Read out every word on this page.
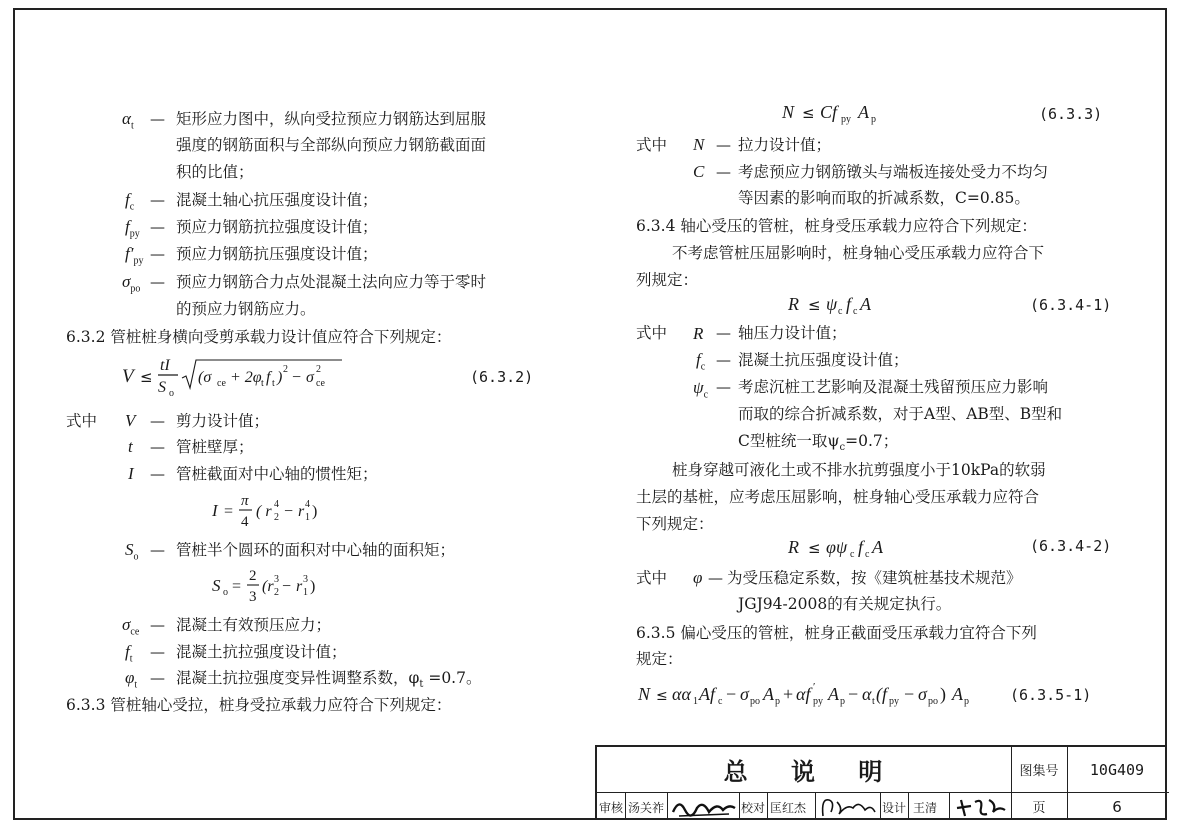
$\alpha_t$ — 矩形应力图中，纵向受拉预应力钢筋达到屈服
强度的钢筋面积与全部纵向预应力钢筋截面面
积的比值；
$f_c$ — 混凝土轴心抗压强度设计值；
$f_{py}$ — 预应力钢筋抗拉强度设计值；
$f'_{py}$ — 预应力钢筋抗压强度设计值；
$\sigma_{po}$ — 预应力钢筋合力点处混凝土法向应力等于零时
的预应力钢筋应力。
6.3.2 管桩桩身横向受剪承载力设计值应符合下列规定：
V ≤
tI
S o
(σ ce + 2φ t f t ) 2 − σ 2
ce	(6.3.2)
式中 V — 剪力设计值；
t — 管桩壁厚；
I — 管桩截面对中心轴的惯性矩；
I =
π
4
( r 2
4 − r 1
4 )
$S_o$ — 管桩半个圆环的面积对中心轴的面积矩；
S o =
2
3
(r 2
3 − r 1
3 )
$\sigma_{ce}$ — 混凝土有效预压应力；
$f_t$ — 混凝土抗拉强度设计值；
$\varphi_t$ — 混凝土抗拉强度变异性调整系数，$\varphi_t =0.7$。
6.3.3 管桩轴心受拉，桩身受拉承载力应符合下列规定：
N ≤ Cf py A p	(6.3.3)
式中 N — 拉力设计值；
C — 考虑预应力钢筋镦头与端板连接处受力不均匀
等因素的影响而取的折减系数，C=0.85。
6.3.4 轴心受压的管桩，桩身受压承载力应符合下列规定：
不考虑管桩压屈影响时，桩身轴心受压承载力应符合下
列规定：
R ≤ ψ c f c A	(6.3.4-1)
式中 R — 轴压力设计值；
$f_c$ — 混凝土抗压强度设计值；
$\psi_c$ — 考虑沉桩工艺影响及混凝土残留预压应力影响
而取的综合折减系数，对于A型、AB型、B型和
C型桩统一取$\psi_c=0.7$；
桩身穿越可液化土或不排水抗剪强度小于10kPa的软弱
土层的基桩，应考虑压屈影响，桩身轴心受压承载力应符合
下列规定：
R ≤ φψ c f c A	(6.3.4-2)
式中 φ — 为受压稳定系数，按《建筑桩基技术规范》
JGJ94-2008的有关规定执行。
6.3.5 偏心受压的管桩，桩身正截面受压承载力宜符合下列
规定：
N ≤ αα 1 Af c − σ po A p + αf ′
py A p − α t (f py − σ po ) A p	(6.3.5-1)
总    说    明	图集号	10G409
审核 汤关祚	校对 匡红杰	设计 王清	页	6
